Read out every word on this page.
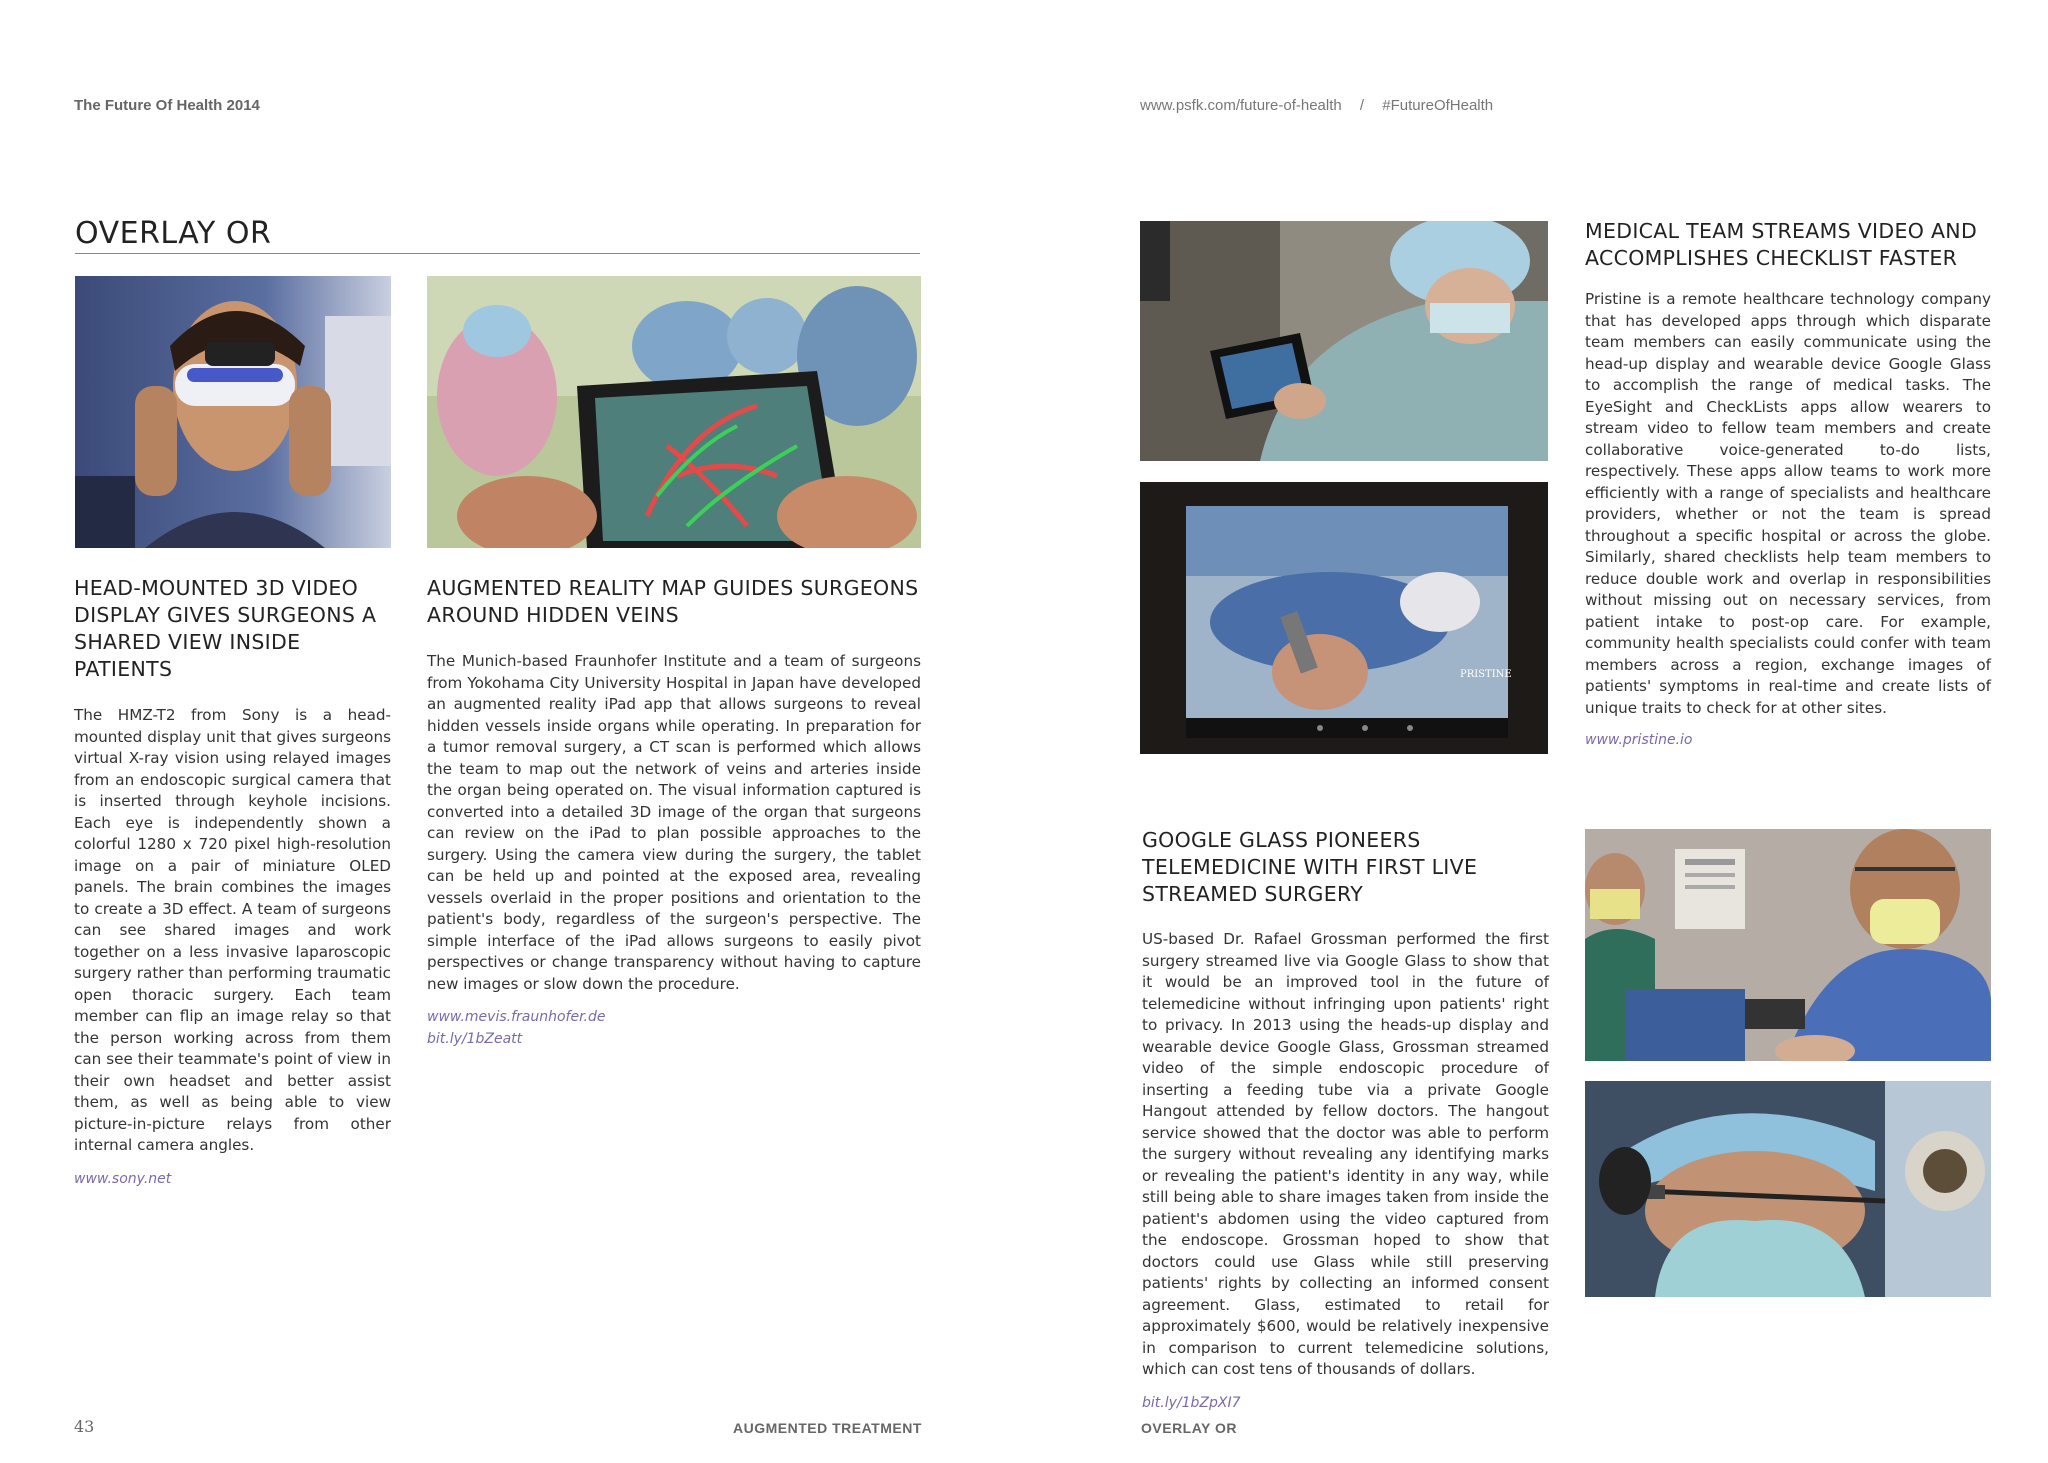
The Future Of Health 2014	www.psfk.com/future-of-health / #FutureOfHealth
OVERLAY OR
HEAD-MOUNTED 3D VIDEO DISPLAY GIVES SURGEONS A SHARED VIEW INSIDE PATIENTS

The HMZ-T2 from Sony is a head-mounted display unit that gives surgeons virtual X-ray vision using relayed images from an endoscopic surgical camera that is inserted through keyhole incisions. Each eye is independently shown a colorful 1280 x 720 pixel high-resolution image on a pair of miniature OLED panels. The brain combines the images to create a 3D effect. A team of surgeons can see shared images and work together on a less invasive laparoscopic surgery rather than performing traumatic open thoracic surgery. Each team member can flip an image relay so that the person working across from them can see their teammate's point of view in their own headset and better assist them, as well as being able to view picture-in-picture relays from other internal camera angles.

www.sony.net
AUGMENTED REALITY MAP GUIDES SURGEONS AROUND HIDDEN VEINS

The Munich-based Fraunhofer Institute and a team of surgeons from Yokohama City University Hospital in Japan have developed an augmented reality iPad app that allows surgeons to reveal hidden vessels inside organs while operating. In preparation for a tumor removal surgery, a CT scan is performed which allows the team to map out the network of veins and arteries inside the organ being operated on. The visual information captured is converted into a detailed 3D image of the organ that surgeons can review on the iPad to plan possible approaches to the surgery. Using the camera view during the surgery, the tablet can be held up and pointed at the exposed area, revealing vessels overlaid in the proper positions and orientation to the patient's body, regardless of the surgeon's perspective. The simple interface of the iPad allows surgeons to easily pivot perspectives or change transparency without having to capture new images or slow down the procedure.

www.mevis.fraunhofer.de
bit.ly/1bZeatt
PRISTINE
MEDICAL TEAM STREAMS VIDEO AND ACCOMPLISHES CHECKLIST FASTER

Pristine is a remote healthcare technology company that has developed apps through which disparate team members can easily communicate using the head-up display and wearable device Google Glass to accomplish the range of medical tasks. The EyeSight and CheckLists apps allow wearers to stream video to fellow team members and create collaborative voice-generated to-do lists, respectively. These apps allow teams to work more efficiently with a range of specialists and healthcare providers, whether or not the team is spread throughout a specific hospital or across the globe. Similarly, shared checklists help team members to reduce double work and overlap in responsibilities without missing out on necessary services, from patient intake to post-op care. For example, community health specialists could confer with team members across a region, exchange images of patients' symptoms in real-time and create lists of unique traits to check for at other sites.

www.pristine.io
GOOGLE GLASS PIONEERS TELEMEDICINE WITH FIRST LIVE STREAMED SURGERY

US-based Dr. Rafael Grossman performed the first surgery streamed live via Google Glass to show that it would be an improved tool in the future of telemedicine without infringing upon patients' right to privacy. In 2013 using the heads-up display and wearable device Google Glass, Grossman streamed video of the simple endoscopic procedure of inserting a feeding tube via a private Google Hangout attended by fellow doctors. The hangout service showed that the doctor was able to perform the surgery without revealing any identifying marks or revealing the patient's identity in any way, while still being able to share images taken from inside the patient's abdomen using the video captured from the endoscope. Grossman hoped to show that doctors could use Glass while still preserving patients' rights by collecting an informed consent agreement. Glass, estimated to retail for approximately $600, would be relatively inexpensive in comparison to current telemedicine solutions, which can cost tens of thousands of dollars.

bit.ly/1bZpXI7
43	AUGMENTED TREATMENT	OVERLAY OR
